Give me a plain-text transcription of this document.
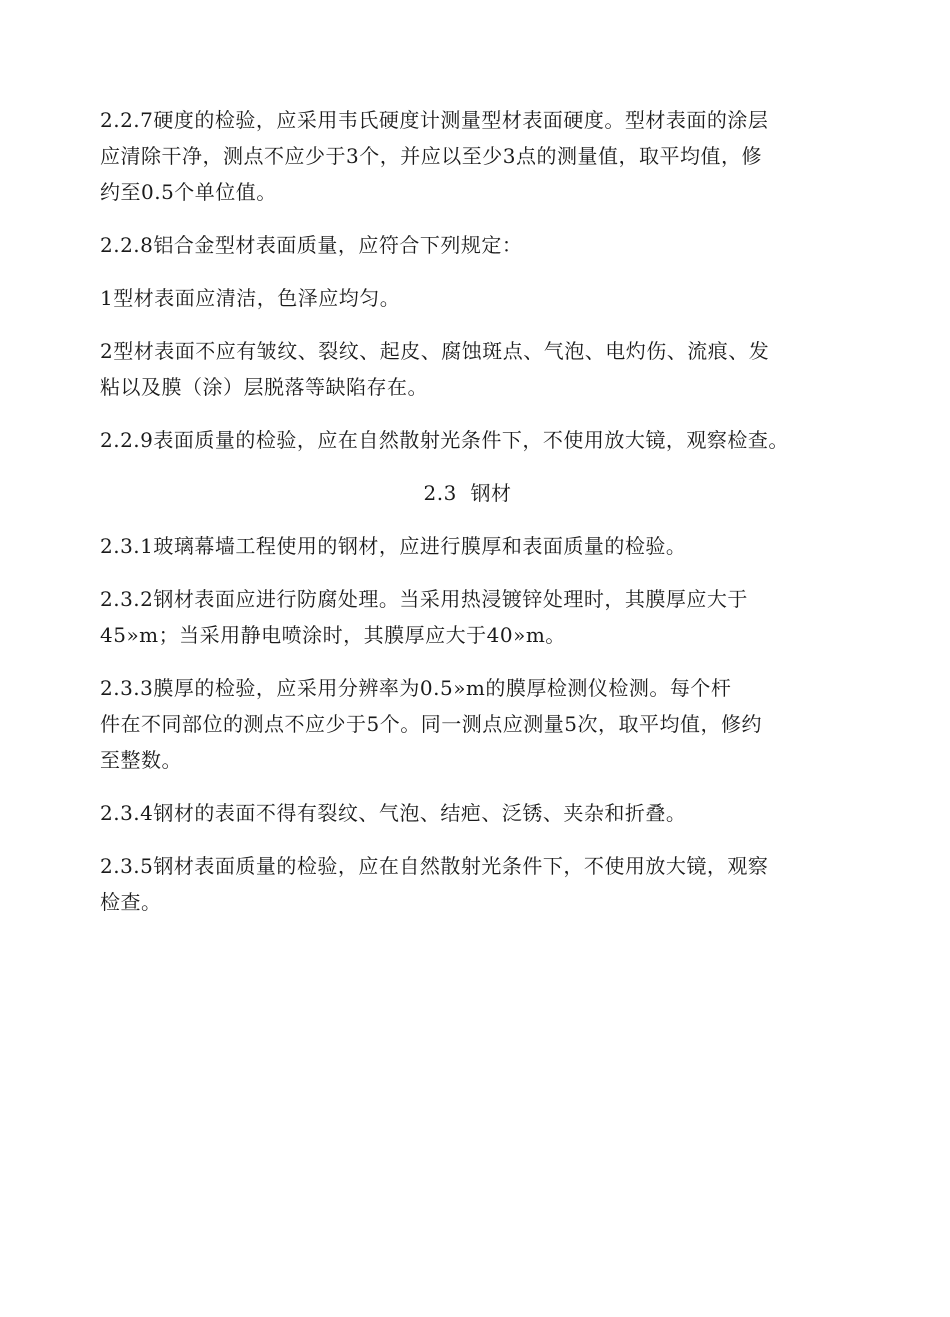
2.2.7硬度的检验，应采用韦氏硬度计测量型材表面硬度。型材表面的涂层
应清除干净，测点不应少于3个，并应以至少3点的测量值，取平均值，修
约至0.5个单位值。
2.2.8铝合金型材表面质量，应符合下列规定：
1型材表面应清洁，色泽应均匀。
2型材表面不应有皱纹、裂纹、起皮、腐蚀斑点、气泡、电灼伤、流痕、发
粘以及膜（涂）层脱落等缺陷存在。
2.2.9表面质量的检验，应在自然散射光条件下，不使用放大镜，观察检查。
2.3  钢材
2.3.1玻璃幕墙工程使用的钢材，应进行膜厚和表面质量的检验。
2.3.2钢材表面应进行防腐处理。当采用热浸镀锌处理时，其膜厚应大于
45»m；当采用静电喷涂时，其膜厚应大于40»m。
2.3.3膜厚的检验，应采用分辨率为0.5»m的膜厚检测仪检测。每个杆
件在不同部位的测点不应少于5个。同一测点应测量5次，取平均值，修约
至整数。
2.3.4钢材的表面不得有裂纹、气泡、结疤、泛锈、夹杂和折叠。
2.3.5钢材表面质量的检验，应在自然散射光条件下，不使用放大镜，观察
检查。
